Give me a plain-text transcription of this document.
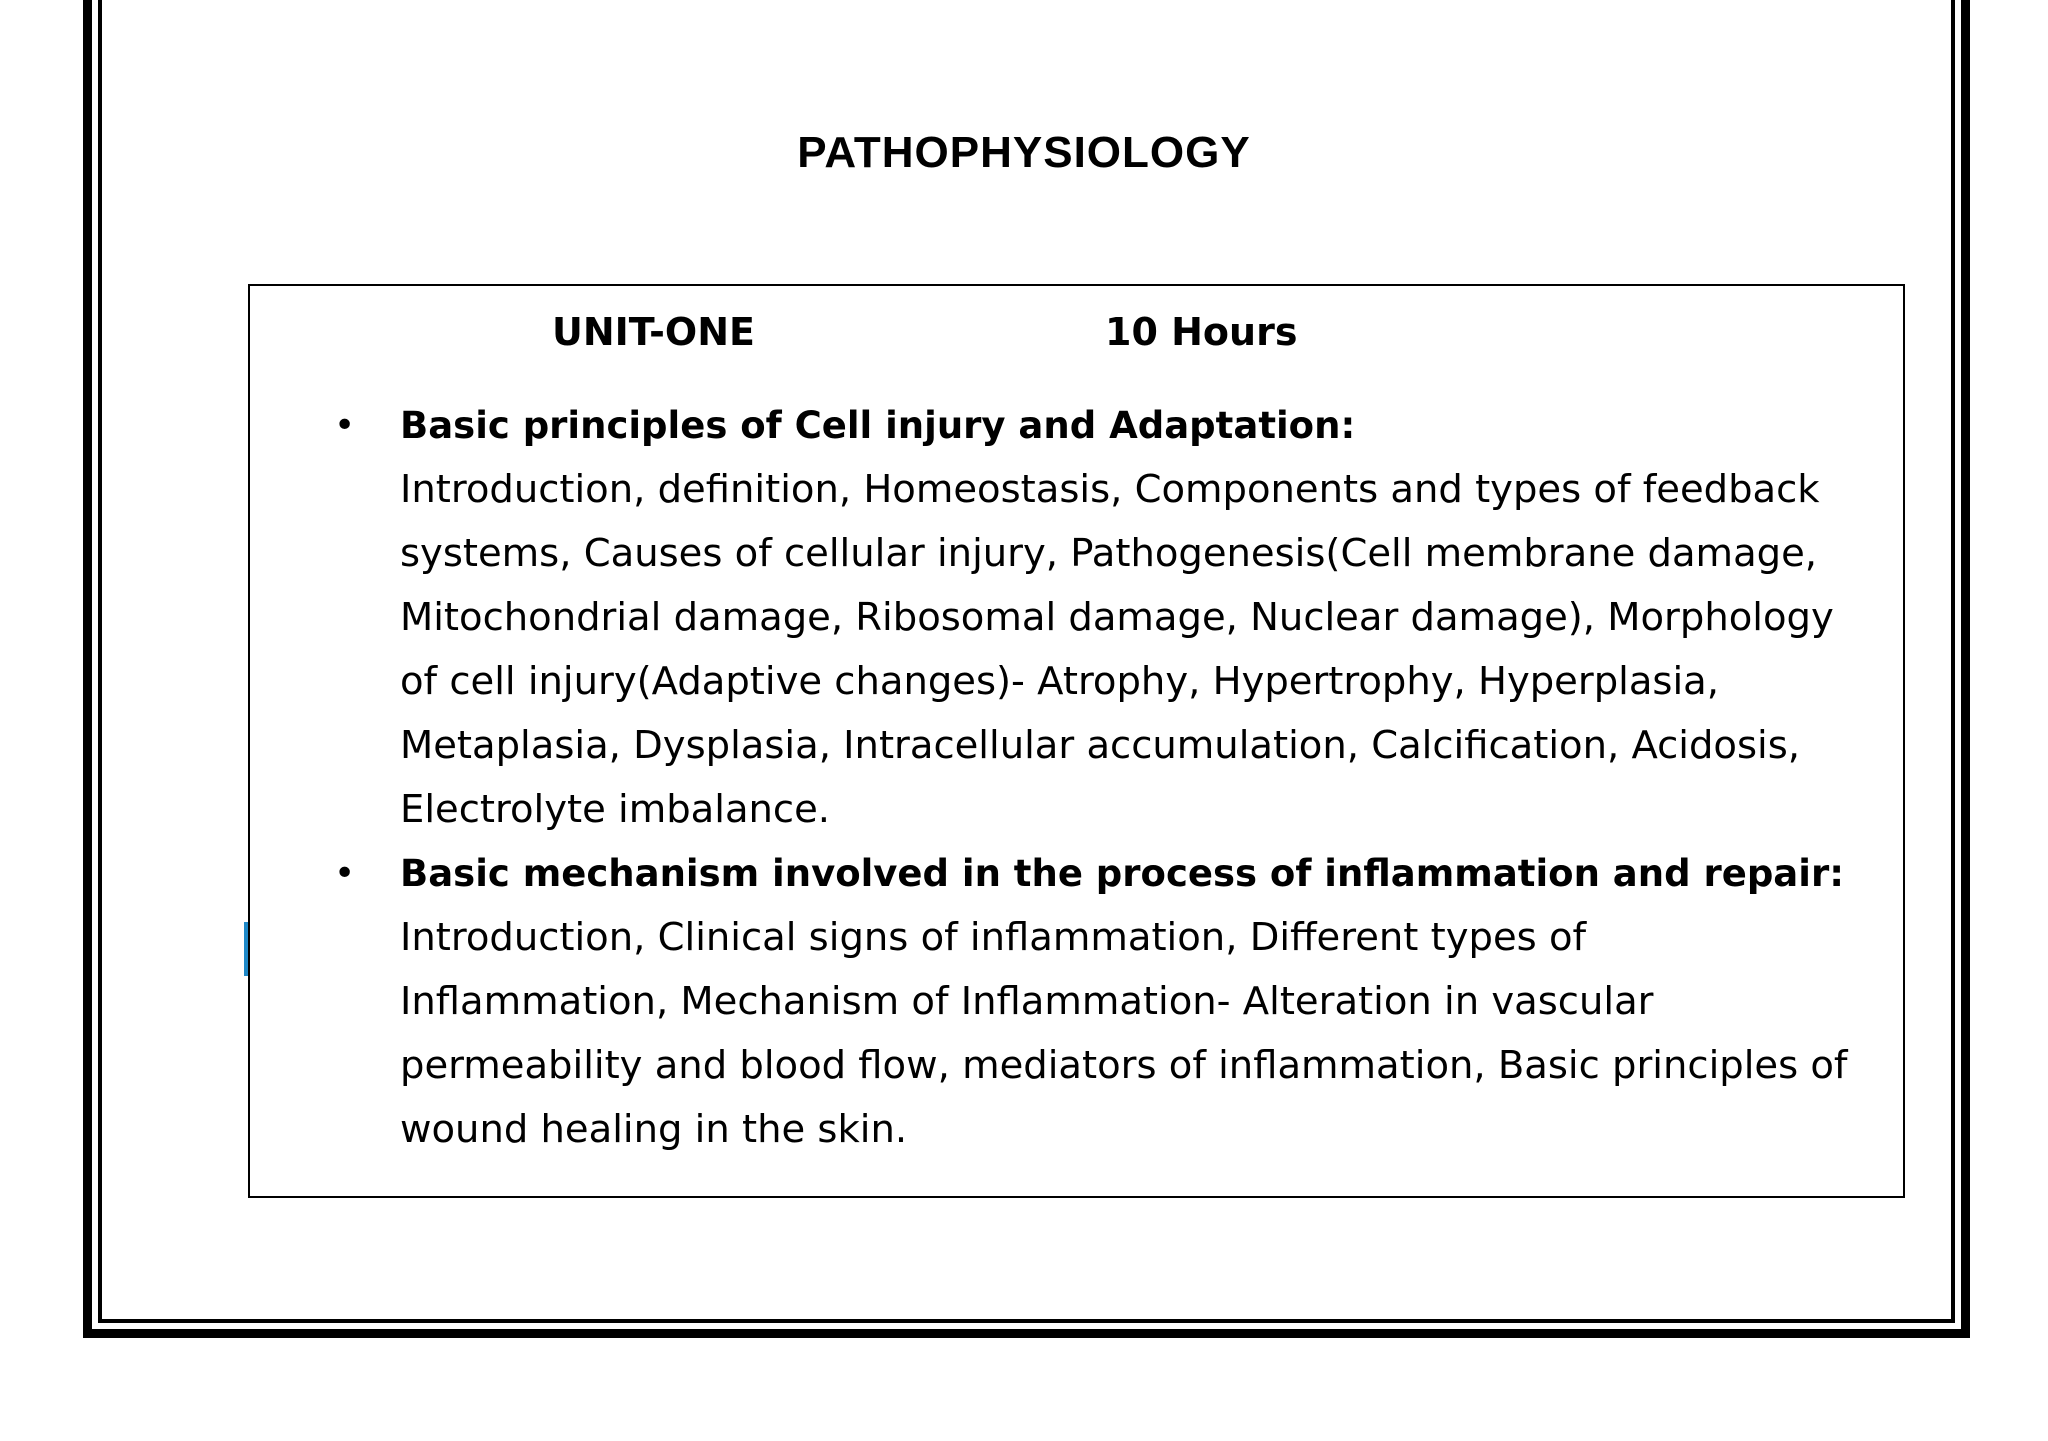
PATHOPHYSIOLOGY
UNIT-ONE	10 Hours
• Basic principles of Cell injury and Adaptation:
Introduction, definition, Homeostasis, Components and types of feedback
systems, Causes of cellular injury, Pathogenesis(Cell membrane damage,
Mitochondrial damage, Ribosomal damage, Nuclear damage), Morphology
of cell injury(Adaptive changes)- Atrophy, Hypertrophy, Hyperplasia,
Metaplasia, Dysplasia, Intracellular accumulation, Calcification, Acidosis,
Electrolyte imbalance.
• Basic mechanism involved in the process of inflammation and repair:
Introduction, Clinical signs of inflammation, Different types of
Inflammation, Mechanism of Inflammation- Alteration in vascular
permeability and blood flow, mediators of inflammation, Basic principles of
wound healing in the skin.
